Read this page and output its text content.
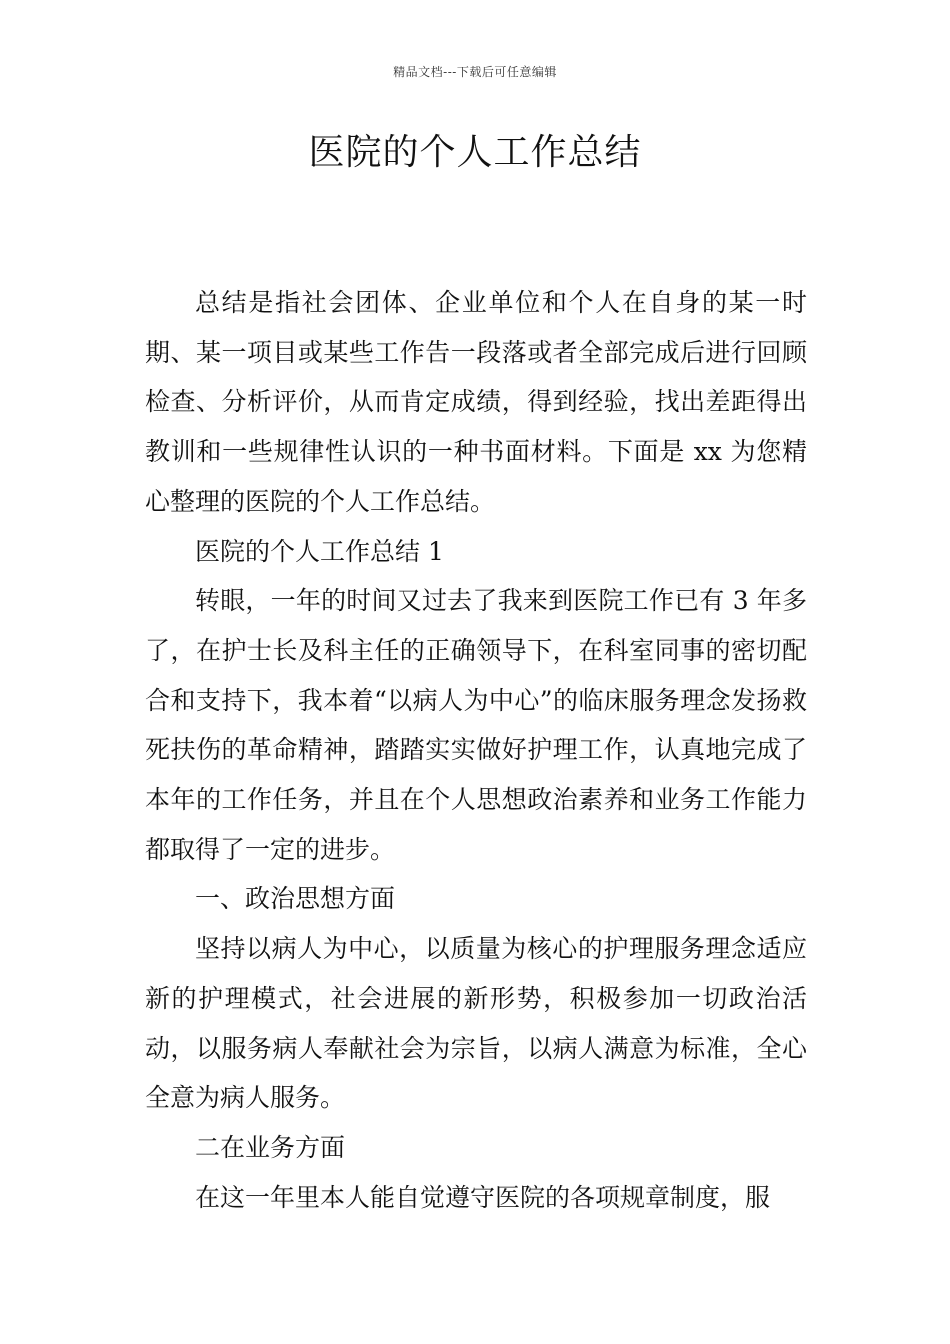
精品文档---下载后可任意编辑
医院的个人工作总结

总结是指社会团体、企业单位和个人在自身的某一时期、某一项目或某些工作告一段落或者全部完成后进行回顾检查、分析评价，从而肯定成绩，得到经验，找出差距得出教训和一些规律性认识的一种书面材料。下面是 xx 为您精心整理的医院的个人工作总结。

医院的个人工作总结 1

转眼，一年的时间又过去了我来到医院工作已有 3 年多了，在护士长及科主任的正确领导下，在科室同事的密切配合和支持下，我本着“以病人为中心”的临床服务理念发扬救死扶伤的革命精神，踏踏实实做好护理工作，认真地完成了本年的工作任务，并且在个人思想政治素养和业务工作能力都取得了一定的进步。

一、政治思想方面

坚持以病人为中心，以质量为核心的护理服务理念适应新的护理模式，社会进展的新形势，积极参加一切政治活动，以服务病人奉献社会为宗旨，以病人满意为标准，全心全意为病人服务。

二在业务方面

在这一年里本人能自觉遵守医院的各项规章制度，服
